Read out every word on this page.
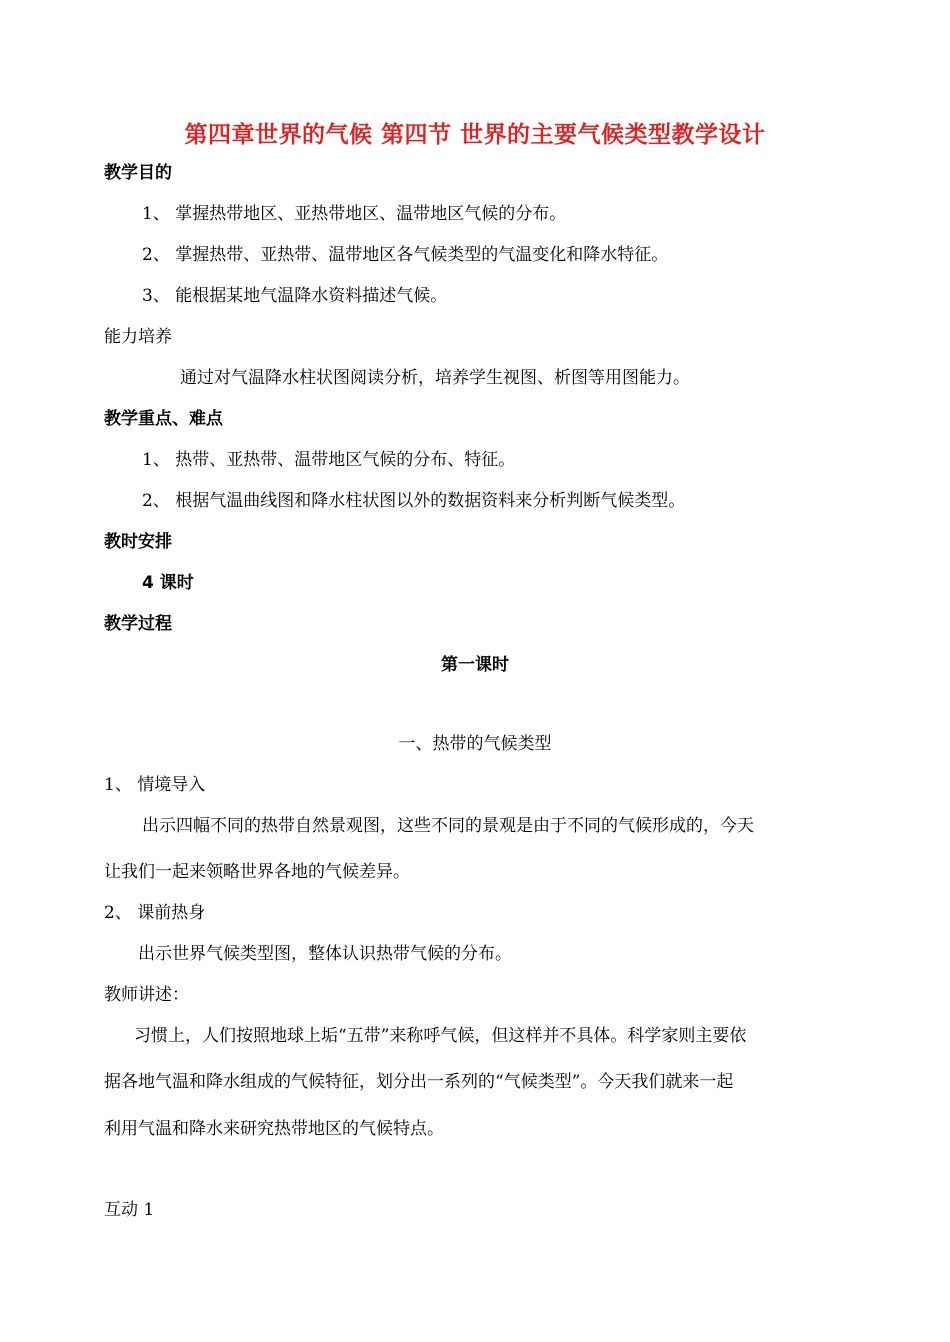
第四章世界的气候 第四节 世界的主要气候类型教学设计
教学目的
1、 掌握热带地区、亚热带地区、温带地区气候的分布。
2、 掌握热带、亚热带、温带地区各气候类型的气温变化和降水特征。
3、 能根据某地气温降水资料描述气候。
能力培养
通过对气温降水柱状图阅读分析，培养学生视图、析图等用图能力。
教学重点、难点
1、 热带、亚热带、温带地区气候的分布、特征。
2、 根据气温曲线图和降水柱状图以外的数据资料来分析判断气候类型。
教时安排
4 课时
教学过程
第一课时
一、热带的气候类型
1、 情境导入
出示四幅不同的热带自然景观图，这些不同的景观是由于不同的气候形成的，今天
让我们一起来领略世界各地的气候差异。
2、 课前热身
出示世界气候类型图，整体认识热带气候的分布。
教师讲述：
习惯上，人们按照地球上垢“五带”来称呼气候，但这样并不具体。科学家则主要依
据各地气温和降水组成的气候特征，划分出一系列的“气候类型”。今天我们就来一起
利用气温和降水来研究热带地区的气候特点。
互动 1
